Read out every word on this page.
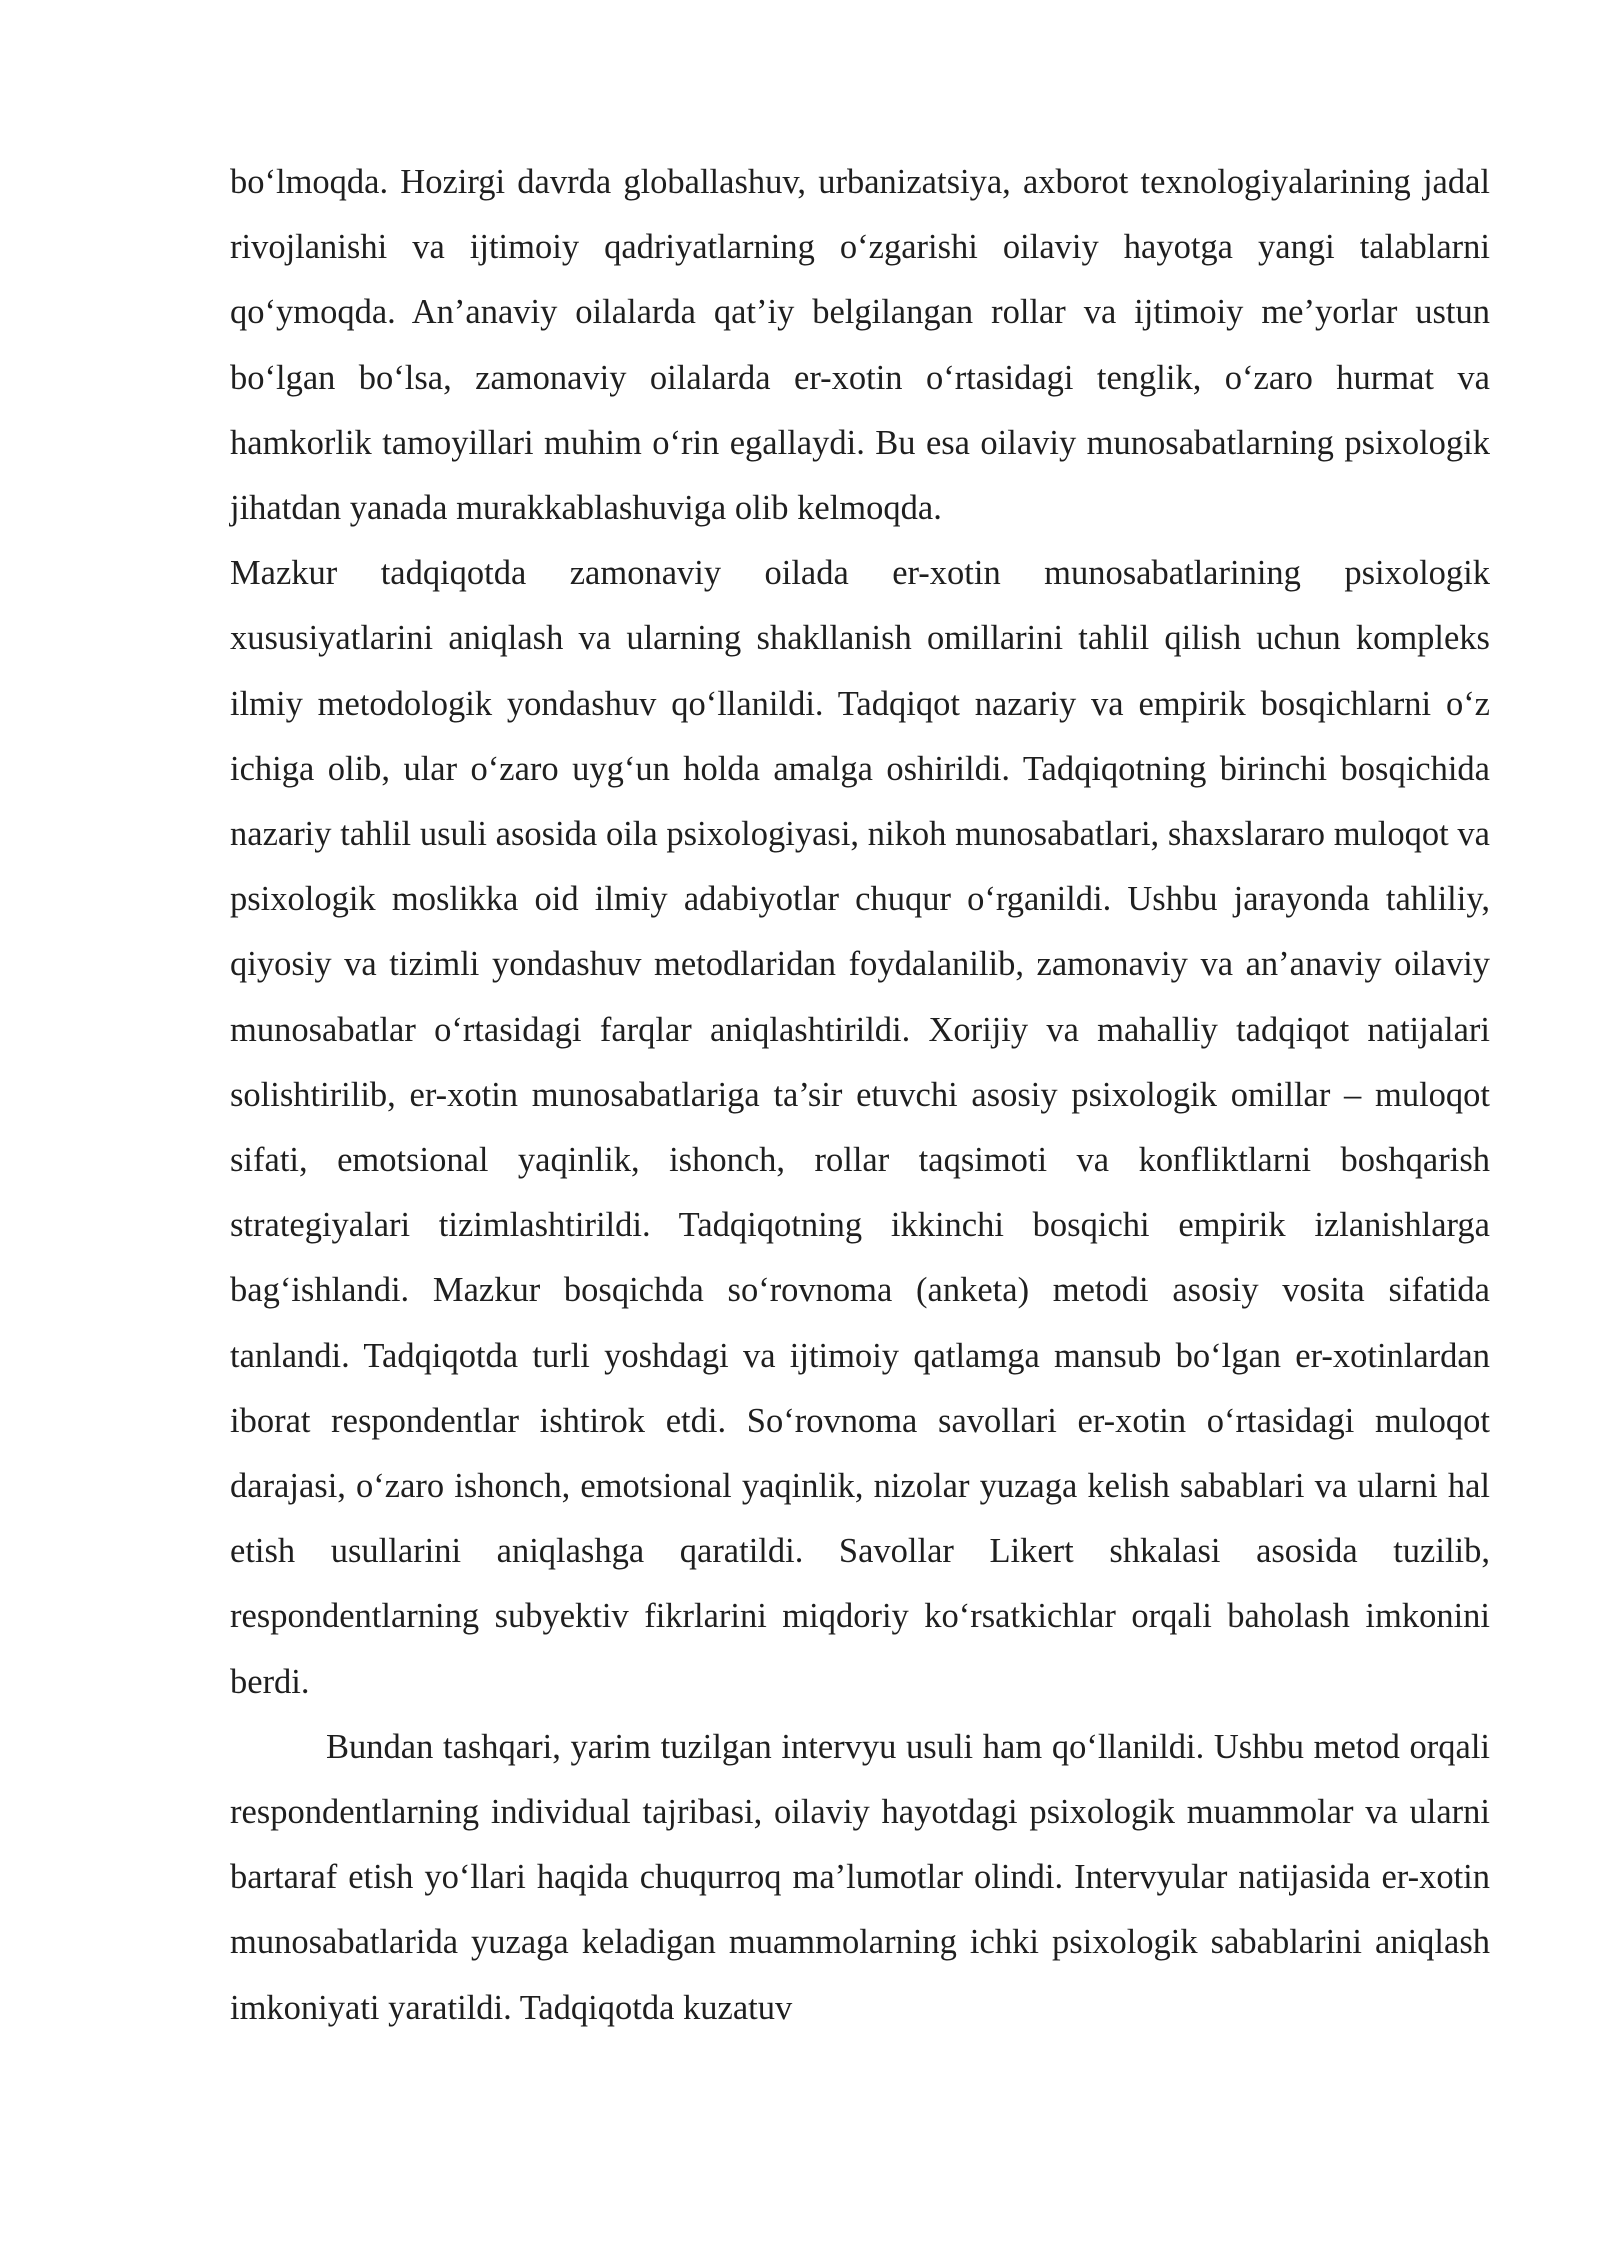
bo‘lmoqda. Hozirgi davrda globallashuv, urbanizatsiya, axborot texnologiyalarining jadal rivojlanishi va ijtimoiy qadriyatlarning o‘zgarishi oilaviy hayotga yangi talablarni qo‘ymoqda. An’anaviy oilalarda qat’iy belgilangan rollar va ijtimoiy me’yorlar ustun bo‘lgan bo‘lsa, zamonaviy oilalarda er-xotin o‘rtasidagi tenglik, o‘zaro hurmat va hamkorlik tamoyillari muhim o‘rin egallaydi. Bu esa oilaviy munosabatlarning psixologik jihatdan yanada murakkablashuviga olib kelmoqda.

Mazkur tadqiqotda zamonaviy oilada er-xotin munosabatlarining psixologik xususiyatlarini aniqlash va ularning shakllanish omillarini tahlil qilish uchun kompleks ilmiy metodologik yondashuv qo‘llanildi. Tadqiqot nazariy va empirik bosqichlarni o‘z ichiga olib, ular o‘zaro uyg‘un holda amalga oshirildi. Tadqiqotning birinchi bosqichida nazariy tahlil usuli asosida oila psixologiyasi, nikoh munosabatlari, shaxslararo muloqot va psixologik moslikka oid ilmiy adabiyotlar chuqur o‘rganildi. Ushbu jarayonda tahliliy, qiyosiy va tizimli yondashuv metodlaridan foydalanilib, zamonaviy va an’anaviy oilaviy munosabatlar o‘rtasidagi farqlar aniqlashtirildi. Xorijiy va mahalliy tadqiqot natijalari solishtirilib, er-xotin munosabatlariga ta’sir etuvchi asosiy psixologik omillar – muloqot sifati, emotsional yaqinlik, ishonch, rollar taqsimoti va konfliktlarni boshqarish strategiyalari tizimlashtirildi. Tadqiqotning ikkinchi bosqichi empirik izlanishlarga bag‘ishlandi. Mazkur bosqichda so‘rovnoma (anketa) metodi asosiy vosita sifatida tanlandi. Tadqiqotda turli yoshdagi va ijtimoiy qatlamga mansub bo‘lgan er-xotinlardan iborat respondentlar ishtirok etdi. So‘rovnoma savollari er-xotin o‘rtasidagi muloqot darajasi, o‘zaro ishonch, emotsional yaqinlik, nizolar yuzaga kelish sabablari va ularni hal etish usullarini aniqlashga qaratildi. Savollar Likert shkalasi asosida tuzilib, respondentlarning subyektiv fikrlarini miqdoriy ko‘rsatkichlar orqali baholash imkonini berdi.

Bundan tashqari, yarim tuzilgan intervyu usuli ham qo‘llanildi. Ushbu metod orqali respondentlarning individual tajribasi, oilaviy hayotdagi psixologik muammolar va ularni bartaraf etish yo‘llari haqida chuqurroq ma’lumotlar olindi. Intervyular natijasida er-xotin munosabatlarida yuzaga keladigan muammolarning ichki psixologik sabablarini aniqlash imkoniyati yaratildi. Tadqiqotda kuzatuv
